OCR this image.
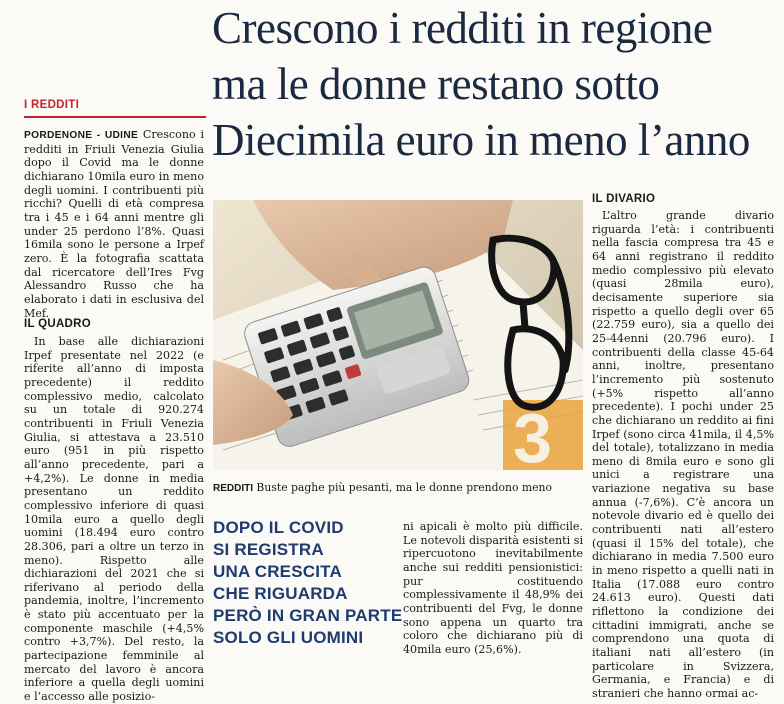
Crescono i redditi in regione
ma le donne restano sotto
Diecimila euro in meno l’anno
I REDDITI

PORDENONE - UDINE Crescono i redditi in Friuli Venezia Giulia dopo il Covid ma le donne dichiarano 10mila euro in meno degli uomini. I contribuenti più ricchi? Quelli di età compresa tra i 45 e i 64 anni mentre gli under 25 perdono l’8%. Quasi 16mila sono le persone a Irpef zero. È la fotografia scattata dal ricercatore dell’Ires Fvg Alessandro Russo che ha elaborato i dati in esclusiva del Mef.

IL QUADRO

In base alle dichiarazioni Irpef presentate nel 2022 (e riferite all’anno di imposta precedente) il reddito complessivo medio, calcolato su un totale di 920.274 contribuenti in Friuli Venezia Giulia, si attestava a 23.510 euro (951 in più rispetto all’anno precedente, pari a +4,2%). Le donne in media presentano un reddito complessivo inferiore di quasi 10mila euro a quello degli uomini (18.494 euro contro 28.306, pari a oltre un terzo in meno). Rispetto alle dichiarazioni del 2021 che si riferivano al periodo della pandemia, inoltre, l’incremento è stato più accentuato per la componente maschile (+4,5% contro +3,7%). Del resto, la partecipazione femminile al mercato del lavoro è ancora inferiore a quella degli uomini e l’accesso alle posizio-

3
REDDITI Buste paghe più pesanti, ma le donne prendono meno
DOPO IL COVID
SI REGISTRA
UNA CRESCITA
CHE RIGUARDA
PERÒ IN GRAN PARTE
SOLO GLI UOMINI

ni apicali è molto più difficile. Le notevoli disparità esistenti si ripercuotono inevitabilmente anche sui redditi pensionistici: pur costituendo complessivamente il 48,9% dei contribuenti del Fvg, le donne sono appena un quarto tra coloro che dichiarano più di 40mila euro (25,6%).

IL DIVARIO

L’altro grande divario riguarda l’età: i contribuenti nella fascia compresa tra 45 e 64 anni registrano il reddito medio complessivo più elevato (quasi 28mila euro), decisamente superiore sia rispetto a quello degli over 65 (22.759 euro), sia a quello dei 25-44enni (20.796 euro). I contribuenti della classe 45-64 anni, inoltre, presentano l’incremento più sostenuto (+5% rispetto all’anno precedente). I pochi under 25 che dichiarano un reddito ai fini Irpef (sono circa 41mila, il 4,5% del totale), totalizzano in media meno di 8mila euro e sono gli unici a registrare una variazione negativa su base annua (-7,6%). C’è ancora un notevole divario ed è quello dei contribuenti nati all’estero (quasi il 15% del totale), che dichiarano in media 7.500 euro in meno rispetto a quelli nati in Italia (17.088 euro contro 24.613 euro). Questi dati riflettono la condizione dei cittadini immigrati, anche se comprendono una quota di italiani nati all’estero (in particolare in Svizzera, Germania, e Francia) e di stranieri che hanno ormai ac-
